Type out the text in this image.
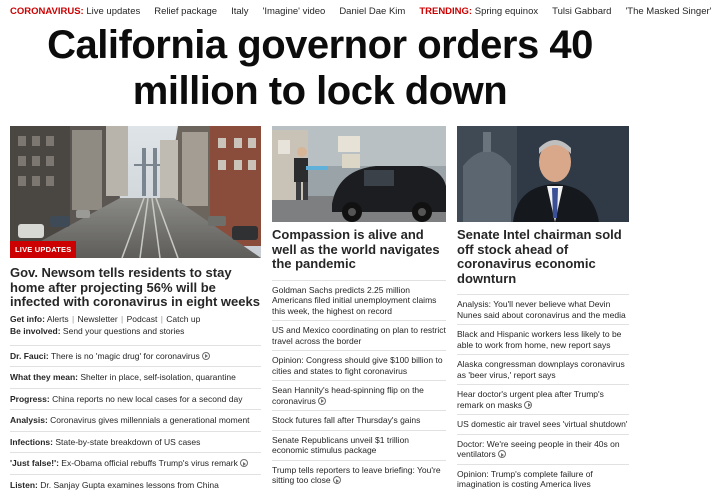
CORONAVIRUS:
Live updates Relief package Italy 'Imagine' video Daniel Dae Kim TRENDING:
Spring equinox Tulsi Gabbard 'The Masked Singer'
California governor orders 40
million to lock down
LIVE UPDATES
Gov. Newsom tells residents to stay home after projecting 56% will be infected with coronavirus in eight weeks
Get info: Alerts | Newsletter | Podcast | Catch up
Be involved: Send your questions and stories
Dr. Fauci: There is no 'magic drug' for coronavirus
What they mean: Shelter in place, self-isolation, quarantine
Progress: China reports no new local cases for a second day
Analysis: Coronavirus gives millennials a generational moment
Infections: State-by-state breakdown of US cases
'Just false!': Ex-Obama official rebuffs Trump's virus remark
Listen: Dr. Sanjay Gupta examines lessons from China
Compassion is alive and well as the world navigates the pandemic
Goldman Sachs predicts 2.25 million Americans filed initial unemployment claims this week, the highest on record
US and Mexico coordinating on plan to restrict travel across the border
Opinion: Congress should give $100 billion to cities and states to fight coronavirus
Sean Hannity's head-spinning flip on the coronavirus
Stock futures fall after Thursday's gains
Senate Republicans unveil $1 trillion economic stimulus package
Trump tells reporters to leave briefing: You're sitting too close
Senate Intel chairman sold off stock ahead of coronavirus economic downturn
Analysis: You'll never believe what Devin Nunes said about coronavirus and the media
Black and Hispanic workers less likely to be able to work from home, new report says
Alaska congressman downplays coronavirus as 'beer virus,' report says
Hear doctor's urgent plea after Trump's remark on masks
US domestic air travel sees 'virtual shutdown'
Doctor: We're seeing people in their 40s on ventilators
Opinion: Trump's complete failure of imagination is costing America lives
